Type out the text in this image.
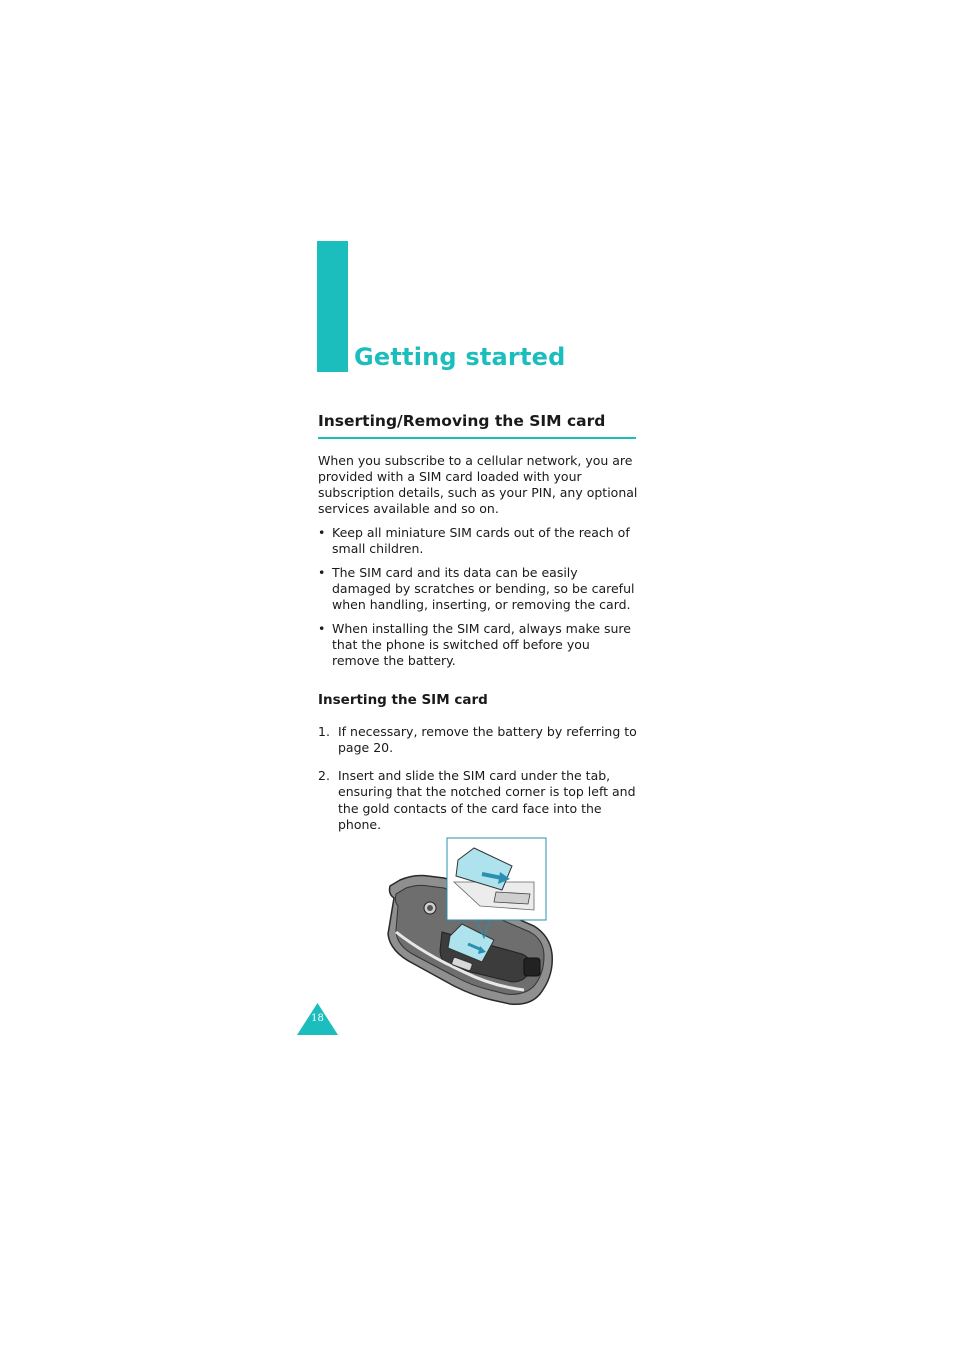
Getting started
Inserting/Removing the SIM card

When you subscribe to a cellular network, you are provided with a SIM card loaded with your subscription details, such as your PIN, any optional services available and so on.

• Keep all miniature SIM cards out of the reach of small children.
• The SIM card and its data can be easily damaged by scratches or bending, so be careful when handling, inserting, or removing the card.
• When installing the SIM card, always make sure that the phone is switched off before you remove the battery.
Inserting the SIM card
1. If necessary, remove the battery by referring to page 20.
2. Insert and slide the SIM card under the tab, ensuring that the notched corner is top left and the gold contacts of the card face into the phone.
18
